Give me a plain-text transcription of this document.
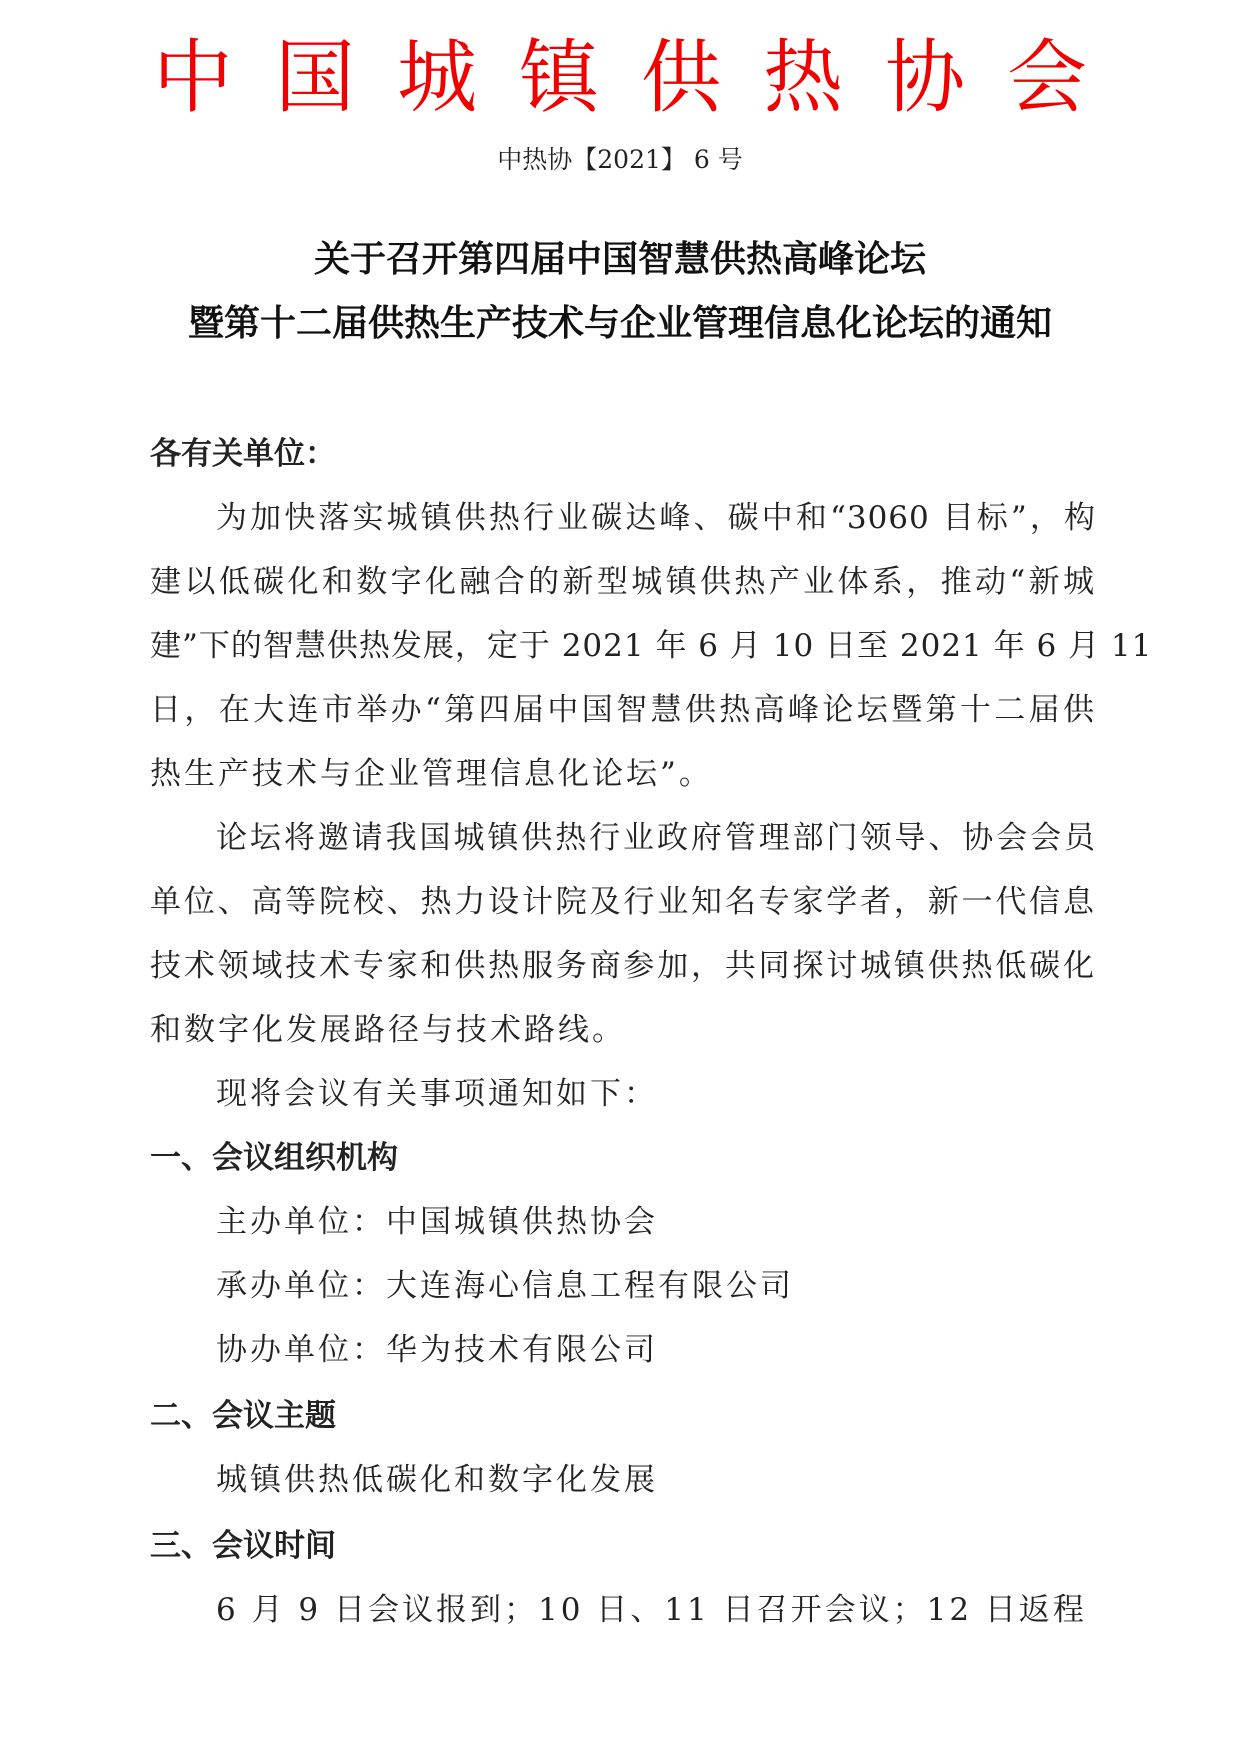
中国城镇供热协会
中热协【2021】 6 号
关于召开第四届中国智慧供热高峰论坛
暨第十二届供热生产技术与企业管理信息化论坛的通知
各有关单位：
为加快落实城镇供热行业碳达峰、碳中和“3060 目标”，构
建以低碳化和数字化融合的新型城镇供热产业体系，推动“新城
建”下的智慧供热发展，定于 2021 年 6 月 10 日至 2021 年 6 月 11
日，在大连市举办“第四届中国智慧供热高峰论坛暨第十二届供
热生产技术与企业管理信息化论坛”。
论坛将邀请我国城镇供热行业政府管理部门领导、协会会员
单位、高等院校、热力设计院及行业知名专家学者，新一代信息
技术领域技术专家和供热服务商参加，共同探讨城镇供热低碳化
和数字化发展路径与技术路线。
现将会议有关事项通知如下：
一、会议组织机构
主办单位：中国城镇供热协会
承办单位：大连海心信息工程有限公司
协办单位：华为技术有限公司
二、会议主题
城镇供热低碳化和数字化发展
三、会议时间
6 月 9 日会议报到；10 日、11 日召开会议；12 日返程
